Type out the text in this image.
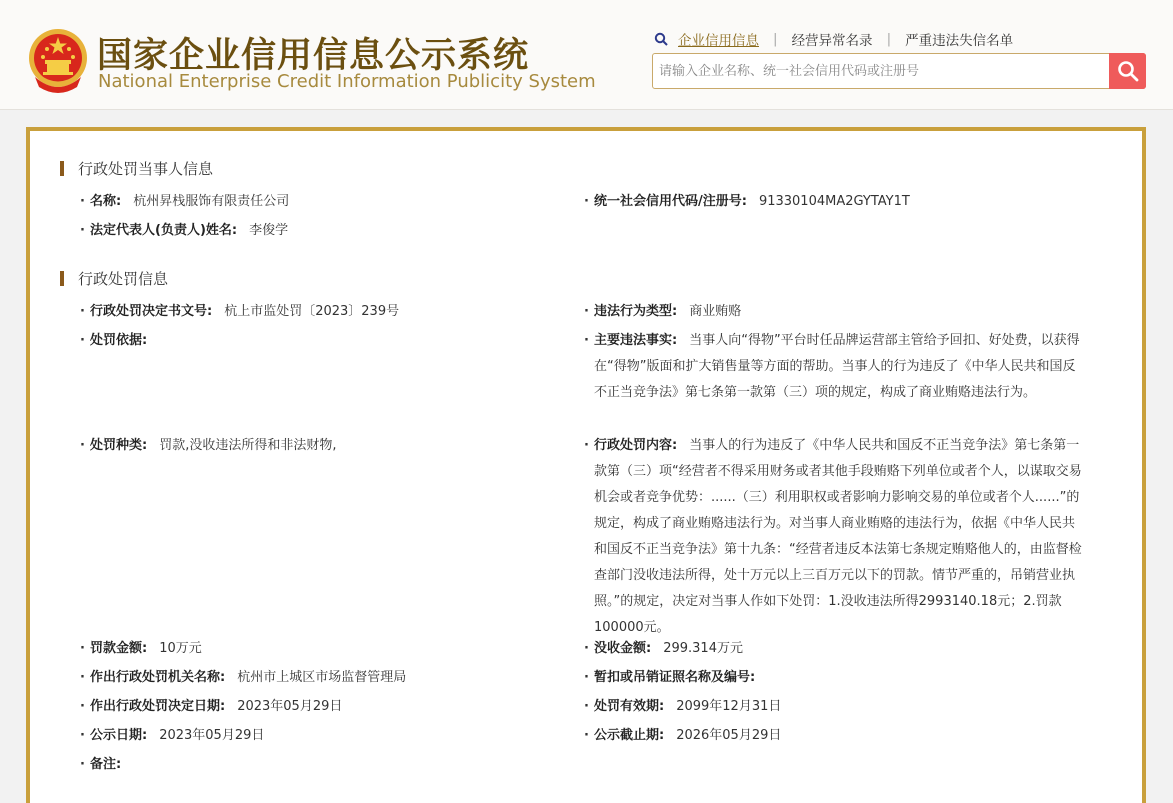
国家企业信用信息公示系统
National Enterprise Credit Information Publicity System
企业信用信息 | 经营异常名录 | 严重违法失信名单
请输入企业名称、统一社会信用代码或注册号
行政处罚当事人信息
· 名称: 杭州昇栈服饰有限责任公司	· 统一社会信用代码/注册号: 91330104MA2GYTAY1T
· 法定代表人(负责人)姓名: 李俊学
行政处罚信息
· 行政处罚决定书文号: 杭上市监处罚〔2023〕239号	· 违法行为类型: 商业贿赂
· 处罚依据:	· 主要违法事实: 当事人向“得物”平台时任品牌运营部主管给予回扣、好处费，以获得在“得物”版面和扩大销售量等方面的帮助。当事人的行为违反了《中华人民共和国反不正当竞争法》第七条第一款第（三）项的规定，构成了商业贿赂违法行为。
· 处罚种类: 罚款,没收违法所得和非法财物,	· 行政处罚内容: 当事人的行为违反了《中华人民共和国反不正当竞争法》第七条第一款第（三）项“经营者不得采用财务或者其他手段贿赂下列单位或者个人，以谋取交易机会或者竞争优势：......（三）利用职权或者影响力影响交易的单位或者个人......”的规定，构成了商业贿赂违法行为。对当事人商业贿赂的违法行为，依据《中华人民共和国反不正当竞争法》第十九条：“经营者违反本法第七条规定贿赂他人的，由监督检查部门没收违法所得，处十万元以上三百万元以下的罚款。情节严重的，吊销营业执照。”的规定，决定对当事人作如下处罚：1.没收违法所得2993140.18元；2.罚款100000元。
· 罚款金额: 10万元	· 没收金额: 299.314万元
· 作出行政处罚机关名称: 杭州市上城区市场监督管理局	· 暂扣或吊销证照名称及编号:
· 作出行政处罚决定日期: 2023年05月29日	· 处罚有效期: 2099年12月31日
· 公示日期: 2023年05月29日	· 公示截止期: 2026年05月29日
· 备注:
